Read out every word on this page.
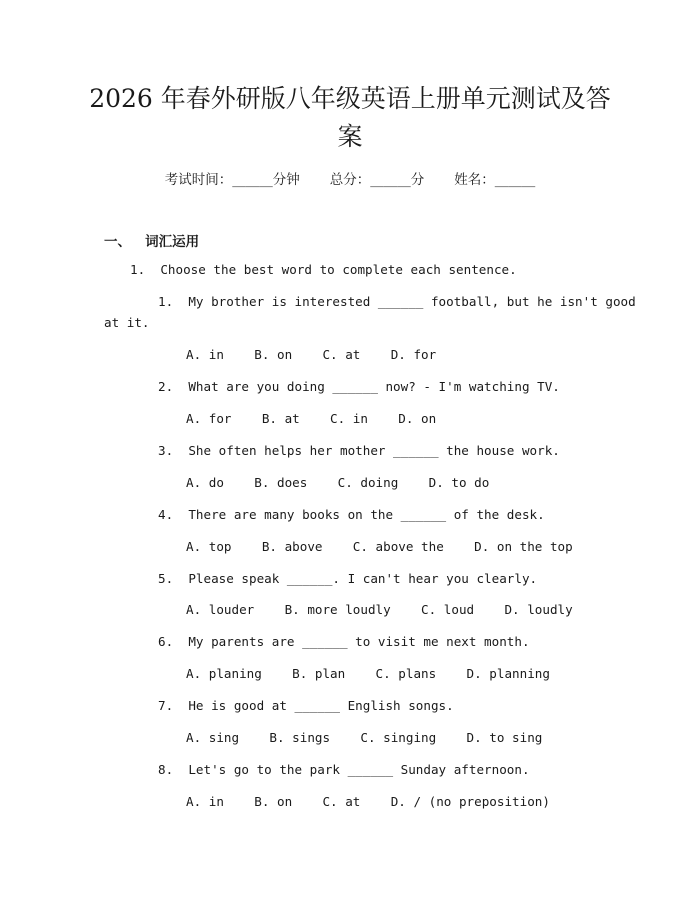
2026 年春外研版八年级英语上册单元测试及答案
考试时间：______分钟 总分：______分 姓名：______
一、 词汇运用
1. Choose the best word to complete each sentence.
1. My brother is interested ______ football, but he isn't good
at it.
A. in    B. on    C. at    D. for
2. What are you doing ______ now? - I'm watching TV.
A. for    B. at    C. in    D. on
3. She often helps her mother ______ the house work.
A. do    B. does    C. doing    D. to do
4. There are many books on the ______ of the desk.
A. top    B. above    C. above the    D. on the top
5. Please speak ______. I can't hear you clearly.
A. louder    B. more loudly    C. loud    D. loudly
6. My parents are ______ to visit me next month.
A. planing    B. plan    C. plans    D. planning
7. He is good at ______ English songs.
A. sing    B. sings    C. singing    D. to sing
8. Let's go to the park ______ Sunday afternoon.
A. in    B. on    C. at    D. / (no preposition)
